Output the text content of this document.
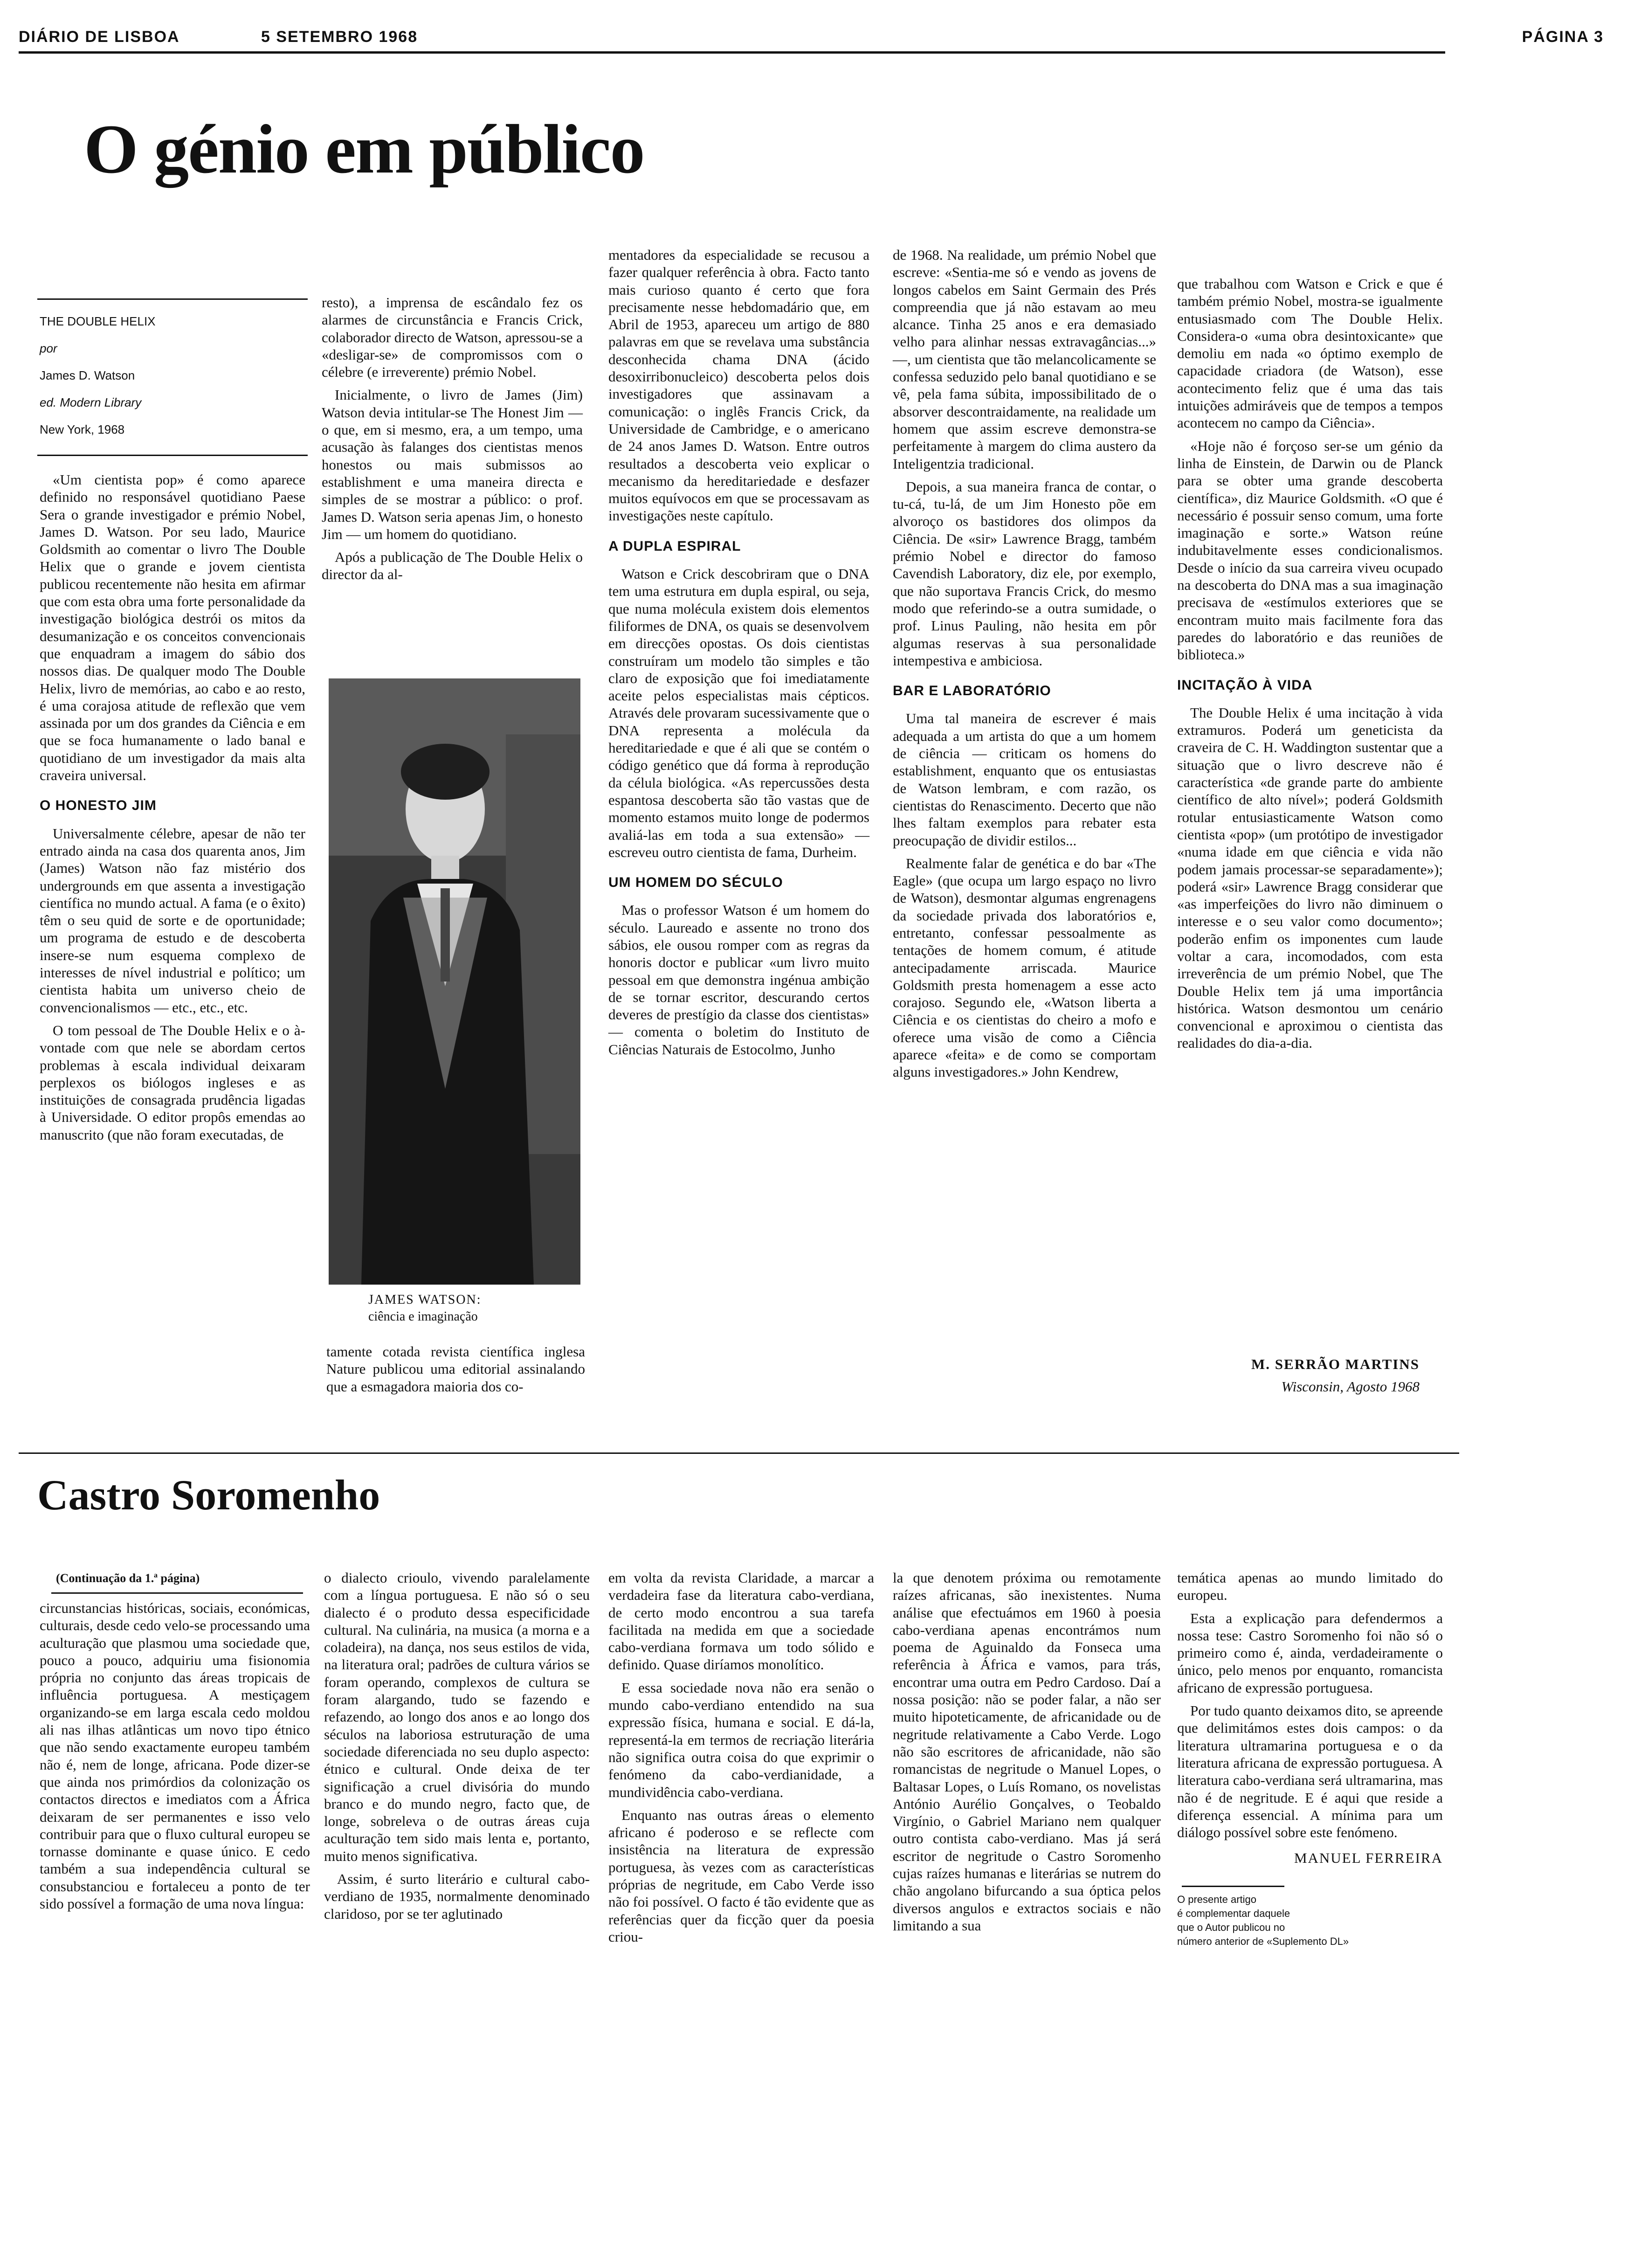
DIÁRIO DE LISBOA	5 SETEMBRO 1968	PÁGINA 3
O génio em público
THE DOUBLE HELIX
por
James D. Watson
ed. Modern Library
New York, 1968

«Um cientista pop» é como aparece definido no responsável quotidiano Paese Sera o grande investigador e prémio Nobel, James D. Watson. Por seu lado, Maurice Goldsmith ao comentar o livro The Double Helix que o grande e jovem cientista publicou recentemente não hesita em afirmar que com esta obra uma forte personalidade da investigação biológica destrói os mitos da desumanização e os conceitos convencionais que enquadram a imagem do sábio dos nossos dias. De qualquer modo The Double Helix, livro de memórias, ao cabo e ao resto, é uma corajosa atitude de reflexão que vem assinada por um dos grandes da Ciência e em que se foca humanamente o lado banal e quotidiano de um investigador da mais alta craveira universal.

O HONESTO JIM

Universalmente célebre, apesar de não ter entrado ainda na casa dos quarenta anos, Jim (James) Watson não faz mistério dos undergrounds em que assenta a investigação científica no mundo actual. A fama (e o êxito) têm o seu quid de sorte e de oportunidade; um programa de estudo e de descoberta insere-se num esquema complexo de interesses de nível industrial e político; um cientista habita um universo cheio de convencionalismos — etc., etc., etc.

O tom pessoal de The Double Helix e o à-vontade com que nele se abordam certos problemas à escala individual deixaram perplexos os biólogos ingleses e as instituições de consagrada prudência ligadas à Universidade. O editor propôs emendas ao manuscrito (que não foram executadas, de

resto), a imprensa de escândalo fez os alarmes de circunstância e Francis Crick, colaborador directo de Watson, apressou-se a «desligar-se» de compromissos com o célebre (e irreverente) prémio Nobel.

Inicialmente, o livro de James (Jim) Watson devia intitular-se The Honest Jim — o que, em si mesmo, era, a um tempo, uma acusação às falanges dos cientistas menos honestos ou mais submissos ao establishment e uma maneira directa e simples de se mostrar a público: o prof. James D. Watson seria apenas Jim, o honesto Jim — um homem do quotidiano.

Após a publicação de The Double Helix o director da al-

JAMES WATSON:
ciência e imaginação

tamente cotada revista científica inglesa Nature publicou uma editorial assinalando que a esmagadora maioria dos co-

mentadores da especialidade se recusou a fazer qualquer referência à obra. Facto tanto mais curioso quanto é certo que fora precisamente nesse hebdomadário que, em Abril de 1953, apareceu um artigo de 880 palavras em que se revelava uma substância desconhecida chama DNA (ácido desoxirribonucleico) descoberta pelos dois investigadores que assinavam a comunicação: o inglês Francis Crick, da Universidade de Cambridge, e o americano de 24 anos James D. Watson. Entre outros resultados a descoberta veio explicar o mecanismo da hereditariedade e desfazer muitos equívocos em que se processavam as investigações neste capítulo.

A DUPLA ESPIRAL

Watson e Crick descobriram que o DNA tem uma estrutura em dupla espiral, ou seja, que numa molécula existem dois elementos filiformes de DNA, os quais se desenvolvem em direcções opostas. Os dois cientistas construíram um modelo tão simples e tão claro de exposição que foi imediatamente aceite pelos especialistas mais cépticos. Através dele provaram sucessivamente que o DNA representa a molécula da hereditariedade e que é ali que se contém o código genético que dá forma à reprodução da célula biológica. «As repercussões desta espantosa descoberta são tão vastas que de momento estamos muito longe de podermos avaliá-las em toda a sua extensão» — escreveu outro cientista de fama, Durheim.

UM HOMEM DO SÉCULO

Mas o professor Watson é um homem do século. Laureado e assente no trono dos sábios, ele ousou romper com as regras da honoris doctor e publicar «um livro muito pessoal em que demonstra ingénua ambição de se tornar escritor, descurando certos deveres de prestígio da classe dos cientistas» — comenta o boletim do Instituto de Ciências Naturais de Estocolmo, Junho

de 1968. Na realidade, um prémio Nobel que escreve: «Sentia-me só e vendo as jovens de longos cabelos em Saint Germain des Prés compreendia que já não estavam ao meu alcance. Tinha 25 anos e era demasiado velho para alinhar nessas extravagâncias...» —, um cientista que tão melancolicamente se confessa seduzido pelo banal quotidiano e se vê, pela fama súbita, impossibilitado de o absorver descontraidamente, na realidade um homem que assim escreve demonstra-se perfeitamente à margem do clima austero da Inteligentzia tradicional.

Depois, a sua maneira franca de contar, o tu-cá, tu-lá, de um Jim Honesto põe em alvoroço os bastidores dos olimpos da Ciência. De «sir» Lawrence Bragg, também prémio Nobel e director do famoso Cavendish Laboratory, diz ele, por exemplo, que não suportava Francis Crick, do mesmo modo que referindo-se a outra sumidade, o prof. Linus Pauling, não hesita em pôr algumas reservas à sua personalidade intempestiva e ambiciosa.

BAR E LABORATÓRIO

Uma tal maneira de escrever é mais adequada a um artista do que a um homem de ciência — criticam os homens do establishment, enquanto que os entusiastas de Watson lembram, e com razão, os cientistas do Renascimento. Decerto que não lhes faltam exemplos para rebater esta preocupação de dividir estilos...

Realmente falar de genética e do bar «The Eagle» (que ocupa um largo espaço no livro de Watson), desmontar algumas engrenagens da sociedade privada dos laboratórios e, entretanto, confessar pessoalmente as tentações de homem comum, é atitude antecipadamente arriscada. Maurice Goldsmith presta homenagem a esse acto corajoso. Segundo ele, «Watson liberta a Ciência e os cientistas do cheiro a mofo e oferece uma visão de como a Ciência aparece «feita» e de como se comportam alguns investigadores.» John Kendrew,

que trabalhou com Watson e Crick e que é também prémio Nobel, mostra-se igualmente entusiasmado com The Double Helix. Considera-o «uma obra desintoxicante» que demoliu em nada «o óptimo exemplo de capacidade criadora (de Watson), esse acontecimento feliz que é uma das tais intuições admiráveis que de tempos a tempos acontecem no campo da Ciência».

«Hoje não é forçoso ser-se um génio da linha de Einstein, de Darwin ou de Planck para se obter uma grande descoberta científica», diz Maurice Goldsmith. «O que é necessário é possuir senso comum, uma forte imaginação e sorte.» Watson reúne indubitavelmente esses condicionalismos. Desde o início da sua carreira viveu ocupado na descoberta do DNA mas a sua imaginação precisava de «estímulos exteriores que se encontram muito mais facilmente fora das paredes do laboratório e das reuniões de biblioteca.»

INCITAÇÃO À VIDA

The Double Helix é uma incitação à vida extramuros. Poderá um geneticista da craveira de C. H. Waddington sustentar que a situação que o livro descreve não é característica «de grande parte do ambiente científico de alto nível»; poderá Goldsmith rotular entusiasticamente Watson como cientista «pop» (um protótipo de investigador «numa idade em que ciência e vida não podem jamais processar-se separadamente»); poderá «sir» Lawrence Bragg considerar que «as imperfeições do livro não diminuem o interesse e o seu valor como documento»; poderão enfim os imponentes cum laude voltar a cara, incomodados, com esta irreverência de um prémio Nobel, que The Double Helix tem já uma importância histórica. Watson desmontou um cenário convencional e aproximou o cientista das realidades do dia-a-dia.

M. SERRÃO MARTINS
Wisconsin, Agosto 1968
Castro Soromenho
(Continuação da 1.ª página)

circunstancias históricas, sociais, económicas, culturais, desde cedo velo-se processando uma aculturação que plasmou uma sociedade que, pouco a pouco, adquiriu uma fisionomia própria no conjunto das áreas tropicais de influência portuguesa. A mestiçagem organizando-se em larga escala cedo moldou ali nas ilhas atlânticas um novo tipo étnico que não sendo exactamente europeu também não é, nem de longe, africana. Pode dizer-se que ainda nos primórdios da colonização os contactos directos e imediatos com a África deixaram de ser permanentes e isso velo contribuir para que o fluxo cultural europeu se tornasse dominante e quase único. E cedo também a sua independência cultural se consubstanciou e fortaleceu a ponto de ter sido possível a formação de uma nova língua:

o dialecto crioulo, vivendo paralelamente com a língua portuguesa. E não só o seu dialecto é o produto dessa especificidade cultural. Na culinária, na musica (a morna e a coladeira), na dança, nos seus estilos de vida, na literatura oral; padrões de cultura vários se foram operando, complexos de cultura se foram alargando, tudo se fazendo e refazendo, ao longo dos anos e ao longo dos séculos na laboriosa estruturação de uma sociedade diferenciada no seu duplo aspecto: étnico e cultural. Onde deixa de ter significação a cruel divisória do mundo branco e do mundo negro, facto que, de longe, sobreleva o de outras áreas cuja aculturação tem sido mais lenta e, portanto, muito menos significativa.

Assim, é surto literário e cultural cabo-verdiano de 1935, normalmente denominado claridoso, por se ter aglutinado

em volta da revista Claridade, a marcar a verdadeira fase da literatura cabo-verdiana, de certo modo encontrou a sua tarefa facilitada na medida em que a sociedade cabo-verdiana formava um todo sólido e definido. Quase diríamos monolítico.

E essa sociedade nova não era senão o mundo cabo-verdiano entendido na sua expressão física, humana e social. E dá-la, representá-la em termos de recriação literária não significa outra coisa do que exprimir o fenómeno da cabo-verdianidade, a mundividência cabo-verdiana.

Enquanto nas outras áreas o elemento africano é poderoso e se reflecte com insistência na literatura de expressão portuguesa, às vezes com as características próprias de negritude, em Cabo Verde isso não foi possível. O facto é tão evidente que as referências quer da ficção quer da poesia criou-

la que denotem próxima ou remotamente raízes africanas, são inexistentes. Numa análise que efectuámos em 1960 à poesia cabo-verdiana apenas encontrámos num poema de Aguinaldo da Fonseca uma referência à África e vamos, para trás, encontrar uma outra em Pedro Cardoso. Daí a nossa posição: não se poder falar, a não ser muito hipoteticamente, de africanidade ou de negritude relativamente a Cabo Verde. Logo não são escritores de africanidade, não são romancistas de negritude o Manuel Lopes, o Baltasar Lopes, o Luís Romano, os novelistas António Aurélio Gonçalves, o Teobaldo Virgínio, o Gabriel Mariano nem qualquer outro contista cabo-verdiano. Mas já será escritor de negritude o Castro Soromenho cujas raízes humanas e literárias se nutrem do chão angolano bifurcando a sua óptica pelos diversos angulos e extractos sociais e não limitando a sua

temática apenas ao mundo limitado do europeu.

Esta a explicação para defendermos a nossa tese: Castro Soromenho foi não só o primeiro como é, ainda, verdadeiramente o único, pelo menos por enquanto, romancista africano de expressão portuguesa.

Por tudo quanto deixamos dito, se apreende que delimitámos estes dois campos: o da literatura ultramarina portuguesa e o da literatura africana de expressão portuguesa. A literatura cabo-verdiana será ultramarina, mas não é de negritude. E é aqui que reside a diferença essencial. A mínima para um diálogo possível sobre este fenómeno.

MANUEL FERREIRA
O presente artigo
é complementar daquele
que o Autor publicou no
número anterior de «Suplemento DL»
